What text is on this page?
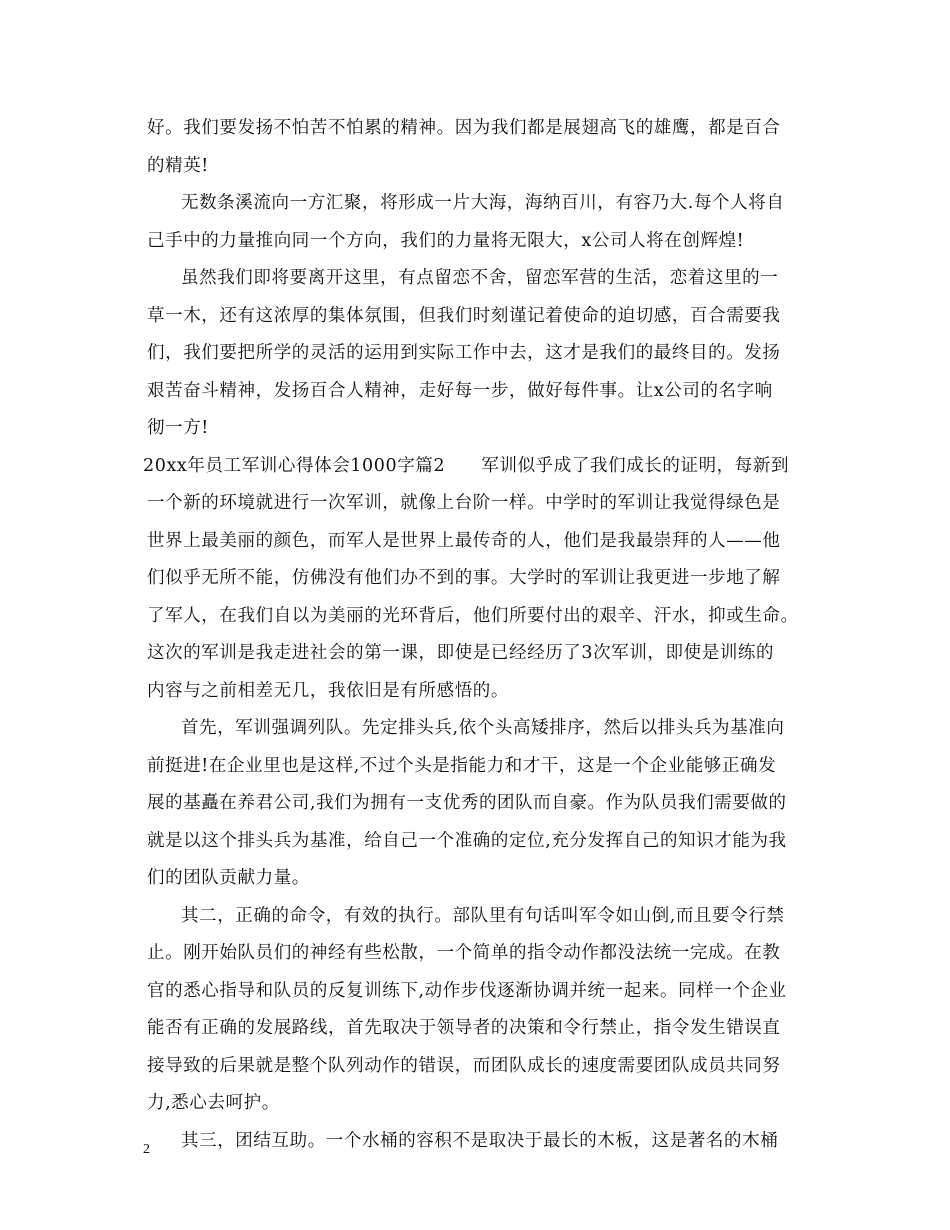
好。我们要发扬不怕苦不怕累的精神。因为我们都是展翅高飞的雄鹰，都是百合
的精英!
无数条溪流向一方汇聚，将形成一片大海，海纳百川，有容乃大.每个人将自
己手中的力量推向同一个方向，我们的力量将无限大，x公司人将在创辉煌!
虽然我们即将要离开这里，有点留恋不舍，留恋军营的生活，恋着这里的一
草一木，还有这浓厚的集体氛围，但我们时刻谨记着使命的迫切感，百合需要我
们，我们要把所学的灵活的运用到实际工作中去，这才是我们的最终目的。发扬
艰苦奋斗精神，发扬百合人精神，走好每一步，做好每件事。让x公司的名字响
彻一方!
20xx年员工军训心得体会1000字篇2　　军训似乎成了我们成长的证明，每新到
一个新的环境就进行一次军训，就像上台阶一样。中学时的军训让我觉得绿色是
世界上最美丽的颜色，而军人是世界上最传奇的人，他们是我最崇拜的人——他
们似乎无所不能，仿佛没有他们办不到的事。大学时的军训让我更进一步地了解
了军人，在我们自以为美丽的光环背后，他们所要付出的艰辛、汗水，抑或生命。
这次的军训是我走进社会的第一课，即使是已经经历了3次军训，即使是训练的
内容与之前相差无几，我依旧是有所感悟的。
首先，军训强调列队。先定排头兵,依个头高矮排序，然后以排头兵为基准向
前挺进!在企业里也是这样,不过个头是指能力和才干，这是一个企业能够正确发
展的基矗在养君公司,我们为拥有一支优秀的团队而自豪。作为队员我们需要做的
就是以这个排头兵为基准，给自己一个准确的定位,充分发挥自己的知识才能为我
们的团队贡献力量。
其二，正确的命令，有效的执行。部队里有句话叫军令如山倒,而且要令行禁
止。刚开始队员们的神经有些松散，一个简单的指令动作都没法统一完成。在教
官的悉心指导和队员的反复训练下,动作步伐逐渐协调并统一起来。同样一个企业
能否有正确的发展路线，首先取决于领导者的决策和令行禁止，指令发生错误直
接导致的后果就是整个队列动作的错误，而团队成长的速度需要团队成员共同努
力,悉心去呵护。
其三，团结互助。一个水桶的容积不是取决于最长的木板，这是著名的木桶
2
